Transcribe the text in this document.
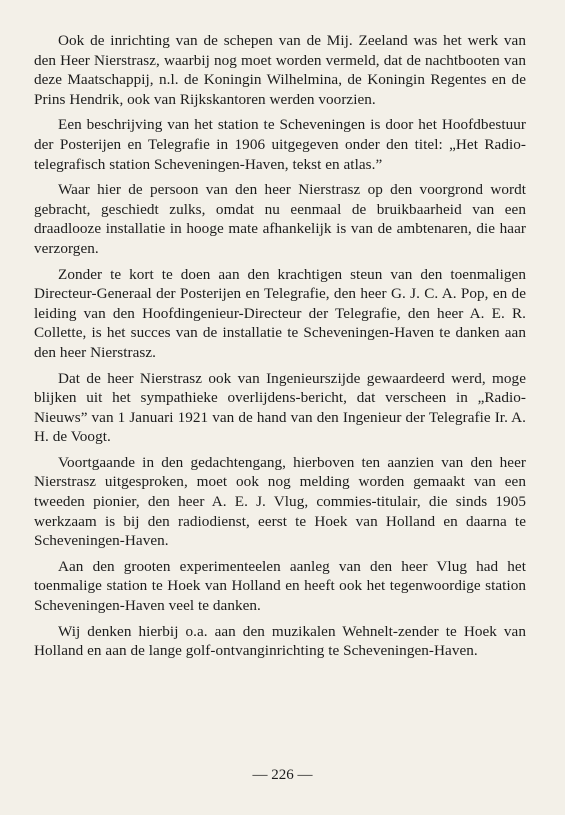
Ook de inrichting van de schepen van de Mij. Zeeland was het werk van den Heer Nierstrasz, waarbij nog moet worden vermeld, dat de nachtbooten van deze Maatschappij, n.l. de Koningin Wilhelmina, de Koningin Regentes en de Prins Hendrik, ook van Rijkskantoren werden voorzien.

Een beschrijving van het station te Scheveningen is door het Hoofdbestuur der Posterijen en Telegrafie in 1906 uitgegeven onder den titel: „Het Radio-telegrafisch station Scheveningen-Haven, tekst en atlas.”

Waar hier de persoon van den heer Nierstrasz op den voorgrond wordt gebracht, geschiedt zulks, omdat nu eenmaal de bruikbaarheid van een draadlooze installatie in hooge mate afhankelijk is van de ambtenaren, die haar verzorgen.

Zonder te kort te doen aan den krachtigen steun van den toenmaligen Directeur-Generaal der Posterijen en Telegrafie, den heer G. J. C. A. Pop, en de leiding van den Hoofdingenieur-Directeur der Telegrafie, den heer A. E. R. Collette, is het succes van de installatie te Scheveningen-Haven te danken aan den heer Nierstrasz.

Dat de heer Nierstrasz ook van Ingenieurszijde gewaardeerd werd, moge blijken uit het sympathieke overlijdens-bericht, dat verscheen in „Radio-Nieuws” van 1 Januari 1921 van de hand van den Ingenieur der Telegrafie Ir. A. H. de Voogt.

Voortgaande in den gedachtengang, hierboven ten aanzien van den heer Nierstrasz uitgesproken, moet ook nog melding worden gemaakt van een tweeden pionier, den heer A. E. J. Vlug, commies-titulair, die sinds 1905 werkzaam is bij den radiodienst, eerst te Hoek van Holland en daarna te Scheveningen-Haven.

Aan den grooten experimenteelen aanleg van den heer Vlug had het toenmalige station te Hoek van Holland en heeft ook het tegenwoordige station Scheveningen-Haven veel te danken.

Wij denken hierbij o.a. aan den muzikalen Wehnelt-zender te Hoek van Holland en aan de lange golf-ontvanginrichting te Scheveningen-Haven.

— 226 —
